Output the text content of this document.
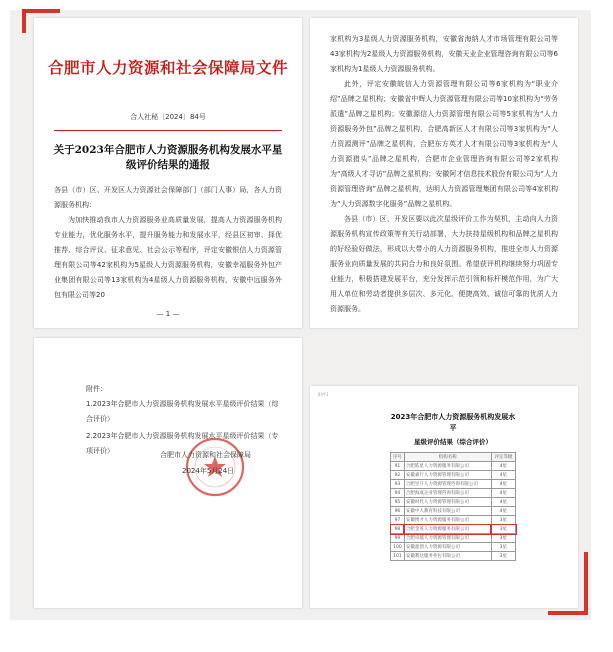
合肥市人力资源和社会保障局文件
合人社秘〔2024〕84号
关于2023年合肥市人力资源服务机构发展水平星级评价结果的通报
各县（市）区、开发区人力资源社会保障部门（部门人事）局，各人力资源服务机构：
为加快推动我市人力资源服务业高质量发展，提高人力资源服务机构专业能力，优化服务水平，提升服务能力和发展水平，经县区初审、择优推荐、综合评议、征求意见、社会公示等程序，评定安徽银信人力资源管理有限公司等42家机构为5星级人力资源服务机构，安徽幸福服务外包产业集团有限公司等13家机构为4星级人力资源服务机构，安徽中远服务外包有限公司等20
— 1 —
家机构为3星级人力资源服务机构，安徽省海纳人才市场管理有限公司等43家机构为2星级人力资源服务机构，安徽天业企业管理咨询有限公司等6家机构为1星级人力资源服务机构。
此外，评定安徽皖信人力资源管理有限公司等6家机构为“职业介绍”品牌之星机构；安徽省中辉人力资源管理有限公司等10家机构为“劳务派遣”品牌之星机构；安徽源信人力资源管理有限公司等5家机构为“人力资源服务外包”品牌之星机构，合肥高新区人才有限公司等3家机构为“人力资源测评”品牌之星机构，合肥东方英才人才有限公司等3家机构为“人力资源猎头”品牌之星机构，合肥市企业管理咨询有限公司等2家机构为“高级人才寻访”品牌之星机构；安徽阿才信息技术股份有限公司为“人力资源管理咨询”品牌之星机构，达明人力资源管理集团有限公司等4家机构为“人力资源数字化服务”品牌之星机构。
各县（市）区、开发区要以此次星级评价工作为契机，主动向人力资源服务机构宣传政策等有关行动部署，大力扶持星级机构和品牌之星机构的好经验好做法，形成以大带小的人力资源服务机构，推进全市人力资源服务业向质量发展的共同合力和良好氛围。希望获评机构继续努力巩固专业能力，积极搭建发展平台，充分发挥示范引领和标杆模范作用，为广大用人单位和劳动者提供多层次、多元化、便捷高效、诚信可靠的优质人力资源服务。
附件：
1.2023年合肥市人力资源服务机构发展水平星级评价结果（综合评价）
2.2023年合肥市人力资源服务机构发展水平星级评价结果（专项评价）	合肥市人力资源和社会保障局
2024年5月24日
附件1
2023年合肥市人力资源服务机构发展水平
星级评价结果（综合评价）
序号	机构名称	评定等级
91	合肥皓星人力资源服务有限公司	4星
92	安徽嘉行人力资源管理有限公司	4星
93	合肥昱升人力资源管理咨询有限公司	4星
94	合肥海成企业管理咨询有限公司	4星
95	安徽时代人力资源管理有限公司	4星
96	安徽中人教育科技有限公司	4星
97	安徽博才人力资源服务有限公司	3星
98	合肥金英人力资源服务有限公司	3星
99	合肥卓越人力资源管理有限公司	3星
100	安徽盈创人力资源有限公司	3星
101	安徽利达服务外包有限公司	3星
